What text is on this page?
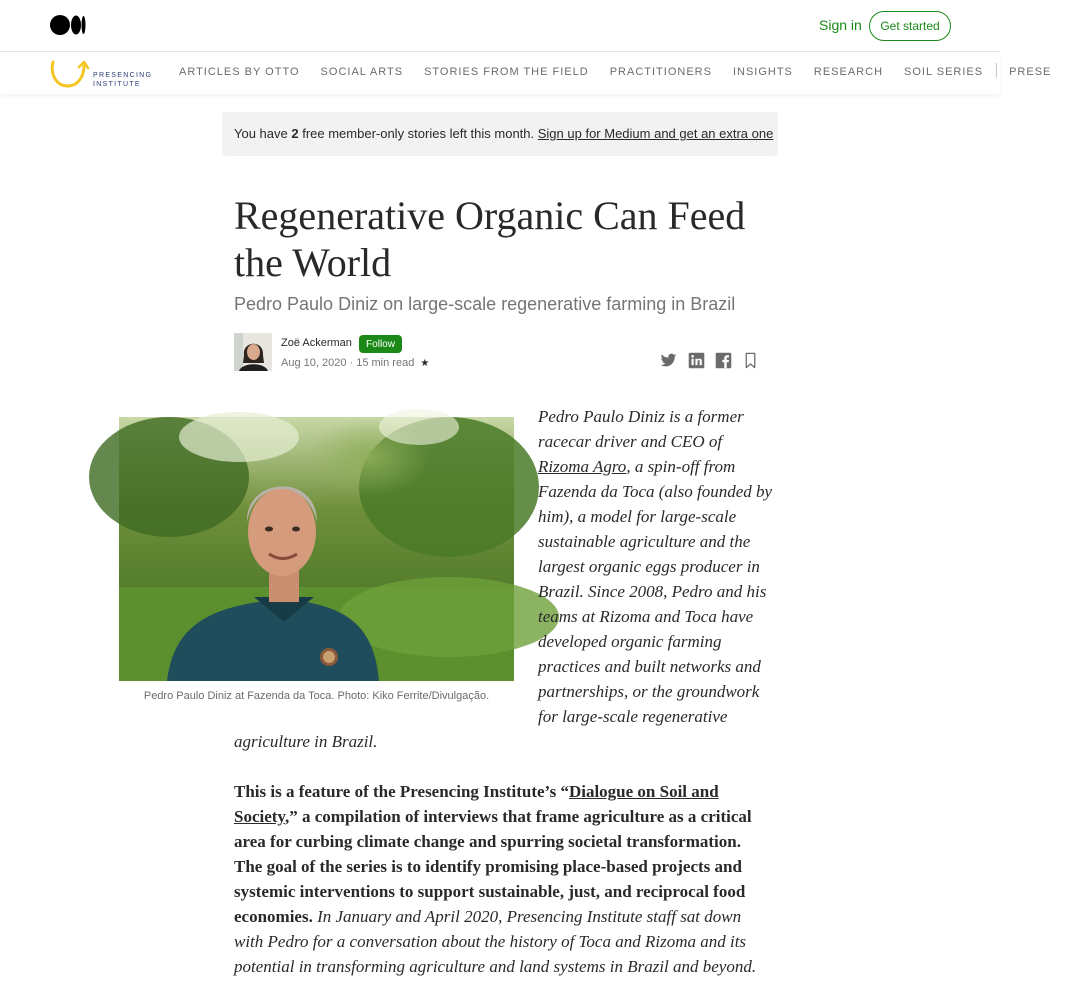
Sign in	Get started
PRESENCING
INSTITUTE
ARTICLES BY OTTO SOCIAL ARTS STORIES FROM THE FIELD PRACTITIONERS INSIGHTS RESEARCH SOIL SERIES PRESE
You have 2 free member-only stories left this month. Sign up for Medium and get an extra one
Regenerative Organic Can Feed the World
Pedro Paulo Diniz on large-scale regenerative farming in Brazil
Zoë Ackerman	Follow
Aug 10, 2020 · 15 min read ★
Pedro Paulo Diniz at Fazenda da Toca. Photo: Kiko Ferrite/Divulgação.
Pedro Paulo Diniz is a former racecar driver and CEO of Rizoma Agro, a spin-off from Fazenda da Toca (also founded by him), a model for large-scale sustainable agriculture and the largest organic eggs producer in Brazil. Since 2008, Pedro and his teams at Rizoma and Toca have developed organic farming practices and built networks and partnerships, or the groundwork for large-scale regenerative
agriculture in Brazil.
This is a feature of the Presencing Institute’s “Dialogue on Soil and Society,” a compilation of interviews that frame agriculture as a critical area for curbing climate change and spurring societal transformation. The goal of the series is to identify promising place-based projects and systemic interventions to support sustainable, just, and reciprocal food economies. In January and April 2020, Presencing Institute staff sat down with Pedro for a conversation about the history of Toca and Rizoma and its potential in transforming agriculture and land systems in Brazil and beyond.
